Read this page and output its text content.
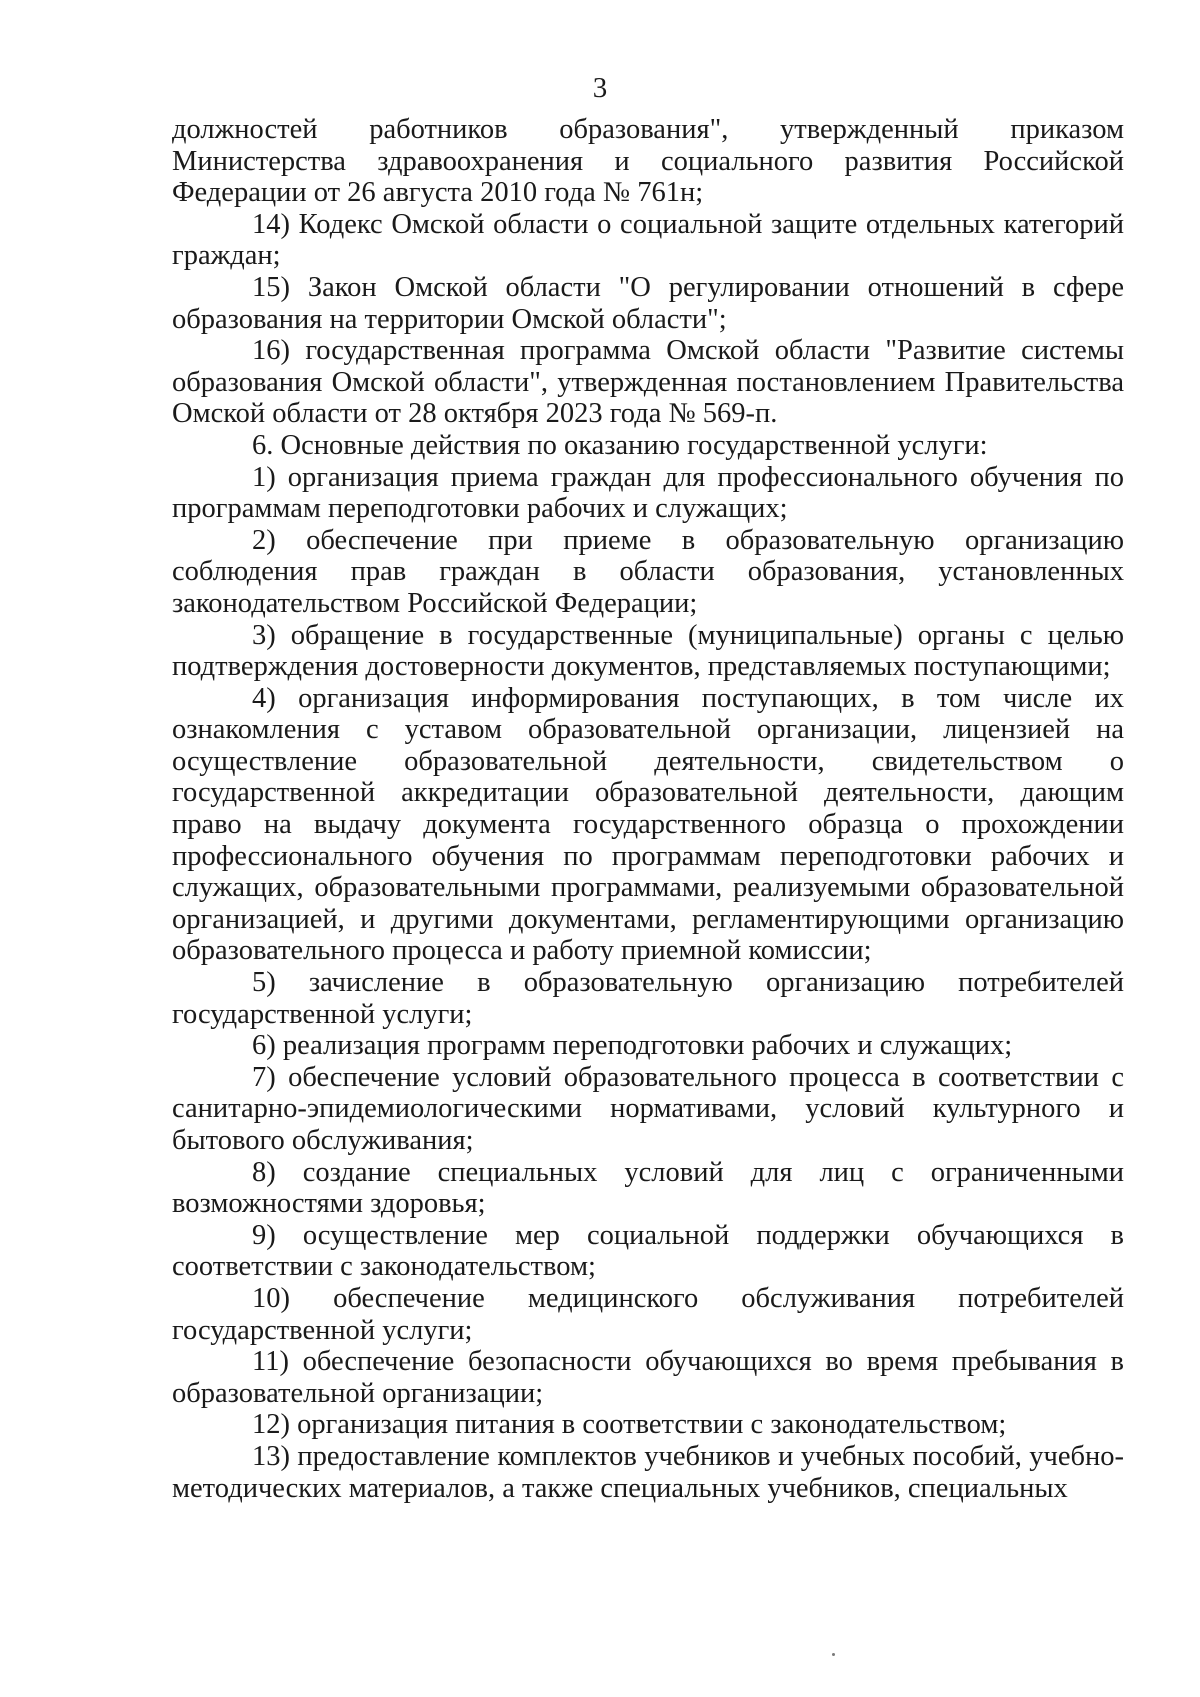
3

должностей работников образования", утвержденный приказом Министерства здравоохранения и социального развития Российской Федерации от 26 августа 2010 года № 761н;

14) Кодекс Омской области о социальной защите отдельных категорий граждан;

15) Закон Омской области "О регулировании отношений в сфере образования на территории Омской области";

16) государственная программа Омской области "Развитие системы образования Омской области", утвержденная постановлением Правительства Омской области от 28 октября 2023 года № 569-п.

6. Основные действия по оказанию государственной услуги:

1) организация приема граждан для профессионального обучения по программам переподготовки рабочих и служащих;

2) обеспечение при приеме в образовательную организацию соблюдения прав граждан в области образования, установленных законодательством Российской Федерации;

3) обращение в государственные (муниципальные) органы с целью подтверждения достоверности документов, представляемых поступающими;

4) организация информирования поступающих, в том числе их ознакомления с уставом образовательной организации, лицензией на осуществление образовательной деятельности, свидетельством о государственной аккредитации образовательной деятельности, дающим право на выдачу документа государственного образца о прохождении профессионального обучения по программам переподготовки рабочих и служащих, образовательными программами, реализуемыми образовательной организацией, и другими документами, регламентирующими организацию образовательного процесса и работу приемной комиссии;

5) зачисление в образовательную организацию потребителей государственной услуги;

6) реализация программ переподготовки рабочих и служащих;

7) обеспечение условий образовательного процесса в соответствии с санитарно-эпидемиологическими нормативами, условий культурного и бытового обслуживания;

8) создание специальных условий для лиц с ограниченными возможностями здоровья;

9) осуществление мер социальной поддержки обучающихся в соответствии с законодательством;

10) обеспечение медицинского обслуживания потребителей государственной услуги;

11) обеспечение безопасности обучающихся во время пребывания в образовательной организации;

12) организация питания в соответствии с законодательством;

13) предоставление комплектов учебников и учебных пособий, учебно-методических материалов, а также специальных учебников, специальных
